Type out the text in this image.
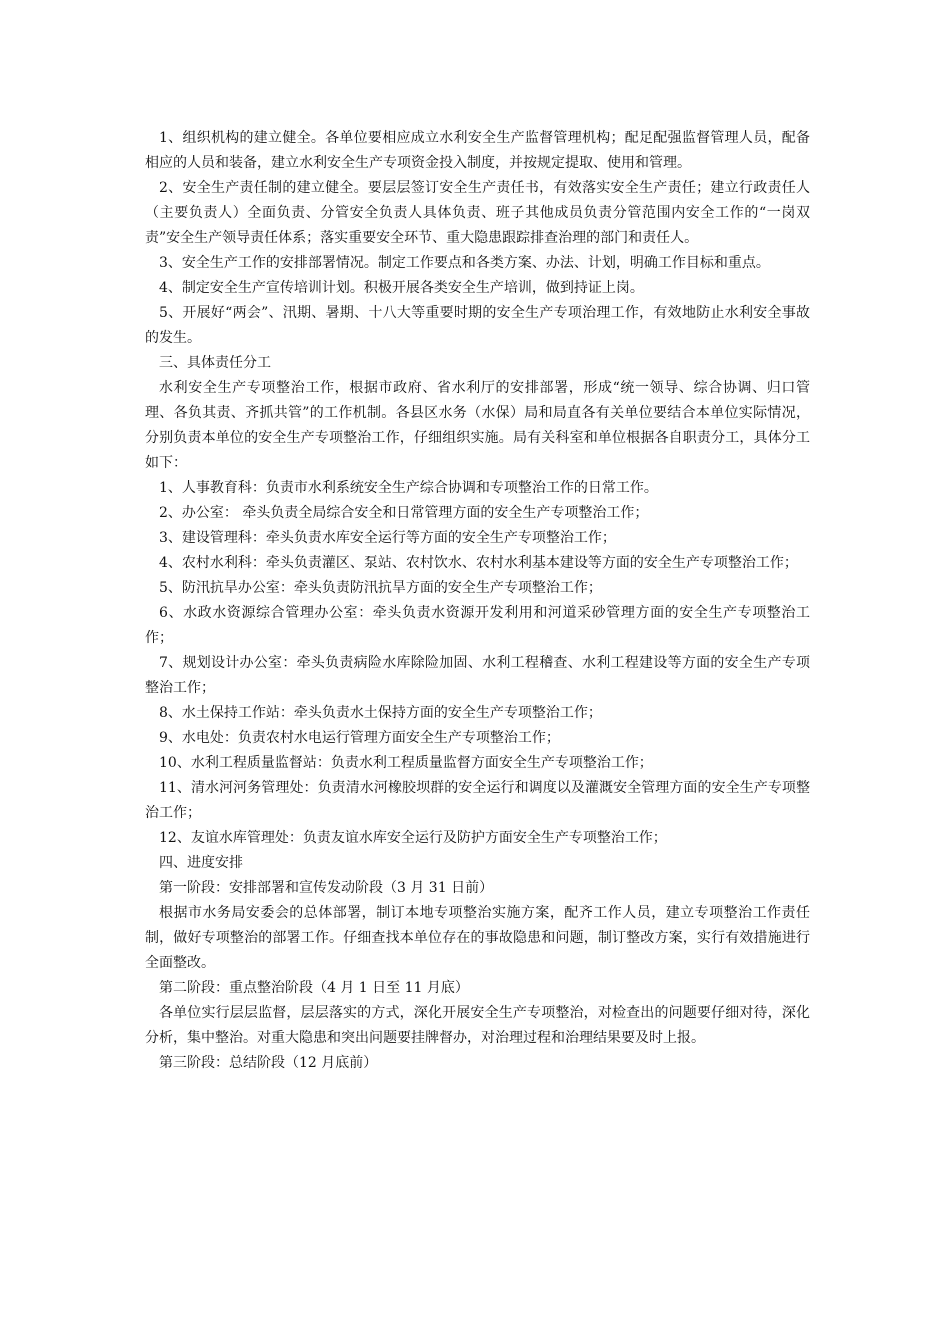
1、组织机构的建立健全。各单位要相应成立水利安全生产监督管理机构；配足配强监督管理人员，配备相应的人员和装备，建立水利安全生产专项资金投入制度，并按规定提取、使用和管理。

2、安全生产责任制的建立健全。要层层签订安全生产责任书，有效落实安全生产责任；建立行政责任人（主要负责人）全面负责、分管安全负责人具体负责、班子其他成员负责分管范围内安全工作的“一岗双责”安全生产领导责任体系；落实重要安全环节、重大隐患跟踪排查治理的部门和责任人。

3、安全生产工作的安排部署情况。制定工作要点和各类方案、办法、计划，明确工作目标和重点。

4、制定安全生产宣传培训计划。积极开展各类安全生产培训，做到持证上岗。

5、开展好“两会”、汛期、暑期、十八大等重要时期的安全生产专项治理工作，有效地防止水利安全事故的发生。

三、具体责任分工

水利安全生产专项整治工作，根据市政府、省水利厅的安排部署，形成“统一领导、综合协调、归口管理、各负其责、齐抓共管”的工作机制。各县区水务（水保）局和局直各有关单位要结合本单位实际情况，分别负责本单位的安全生产专项整治工作，仔细组织实施。局有关科室和单位根据各自职责分工，具体分工如下：

1、人事教育科：负责市水利系统安全生产综合协调和专项整治工作的日常工作。

2、办公室： 牵头负责全局综合安全和日常管理方面的安全生产专项整治工作；

3、建设管理科：牵头负责水库安全运行等方面的安全生产专项整治工作；

4、农村水利科：牵头负责灌区、泵站、农村饮水、农村水利基本建设等方面的安全生产专项整治工作；

5、防汛抗旱办公室：牵头负责防汛抗旱方面的安全生产专项整治工作；

6、水政水资源综合管理办公室：牵头负责水资源开发利用和河道采砂管理方面的安全生产专项整治工作；

7、规划设计办公室：牵头负责病险水库除险加固、水利工程稽查、水利工程建设等方面的安全生产专项整治工作；

8、水土保持工作站：牵头负责水土保持方面的安全生产专项整治工作；

9、水电处：负责农村水电运行管理方面安全生产专项整治工作；

10、水利工程质量监督站：负责水利工程质量监督方面安全生产专项整治工作；

11、清水河河务管理处：负责清水河橡胶坝群的安全运行和调度以及灌溉安全管理方面的安全生产专项整治工作；

12、友谊水库管理处：负责友谊水库安全运行及防护方面安全生产专项整治工作；

四、进度安排

第一阶段：安排部署和宣传发动阶段（3 月 31 日前）

根据市水务局安委会的总体部署，制订本地专项整治实施方案，配齐工作人员，建立专项整治工作责任制，做好专项整治的部署工作。仔细查找本单位存在的事故隐患和问题，制订整改方案，实行有效措施进行全面整改。

第二阶段：重点整治阶段（4 月 1 日至 11 月底）

各单位实行层层监督，层层落实的方式，深化开展安全生产专项整治，对检查出的问题要仔细对待，深化分析，集中整治。对重大隐患和突出问题要挂牌督办，对治理过程和治理结果要及时上报。

第三阶段：总结阶段（12 月底前）
